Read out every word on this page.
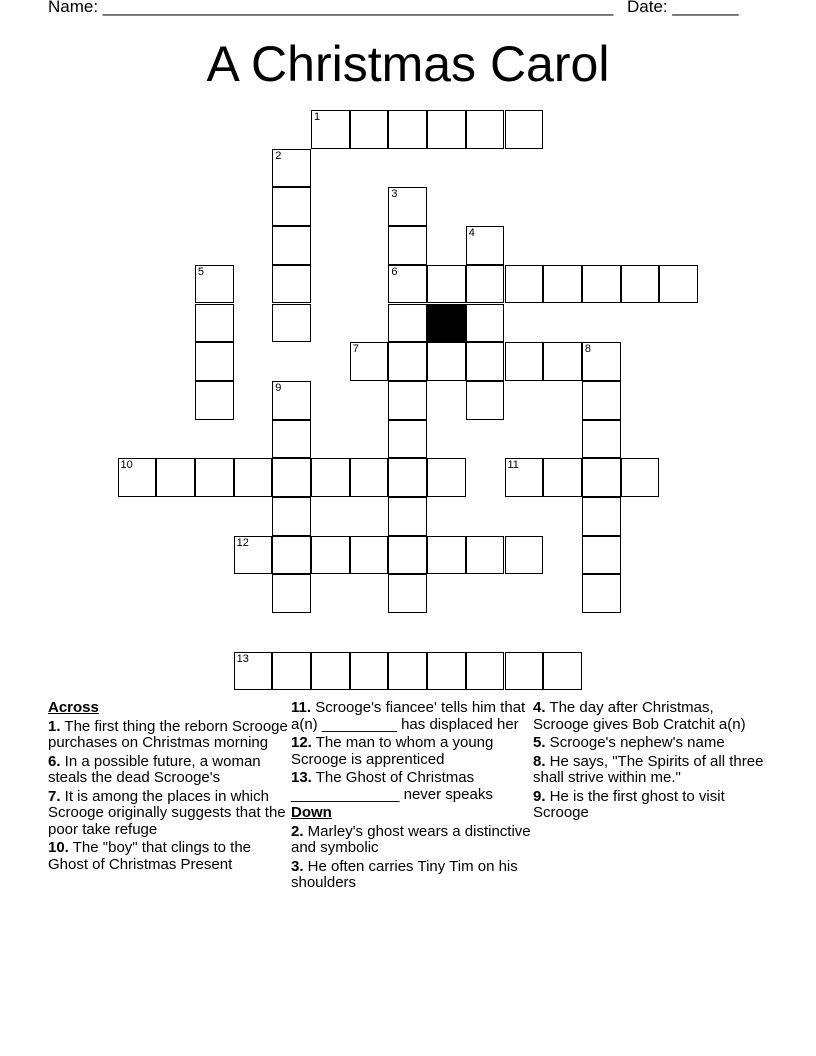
Name: ______________________________________________________ Date: _______
A Christmas Carol
1
6
7	8
10	11
12
13
2
3
4
5
9
Across
1. The first thing the reborn Scrooge purchases on Christmas morning
6. In a possible future, a woman steals the dead Scrooge's
7. It is among the places in which Scrooge originally suggests that the poor take refuge
10. The "boy" that clings to the Ghost of Christmas Present
11. Scrooge's fiancee' tells him that a(n) _________ has displaced her
12. The man to whom a young Scrooge is apprenticed
13. The Ghost of Christmas _____________ never speaks
Down
2. Marley's ghost wears a distinctive and symbolic
3. He often carries Tiny Tim on his shoulders
4. The day after Christmas, Scrooge gives Bob Cratchit a(n)
5. Scrooge's nephew's name
8. He says, "The Spirits of all three shall strive within me."
9. He is the first ghost to visit Scrooge
